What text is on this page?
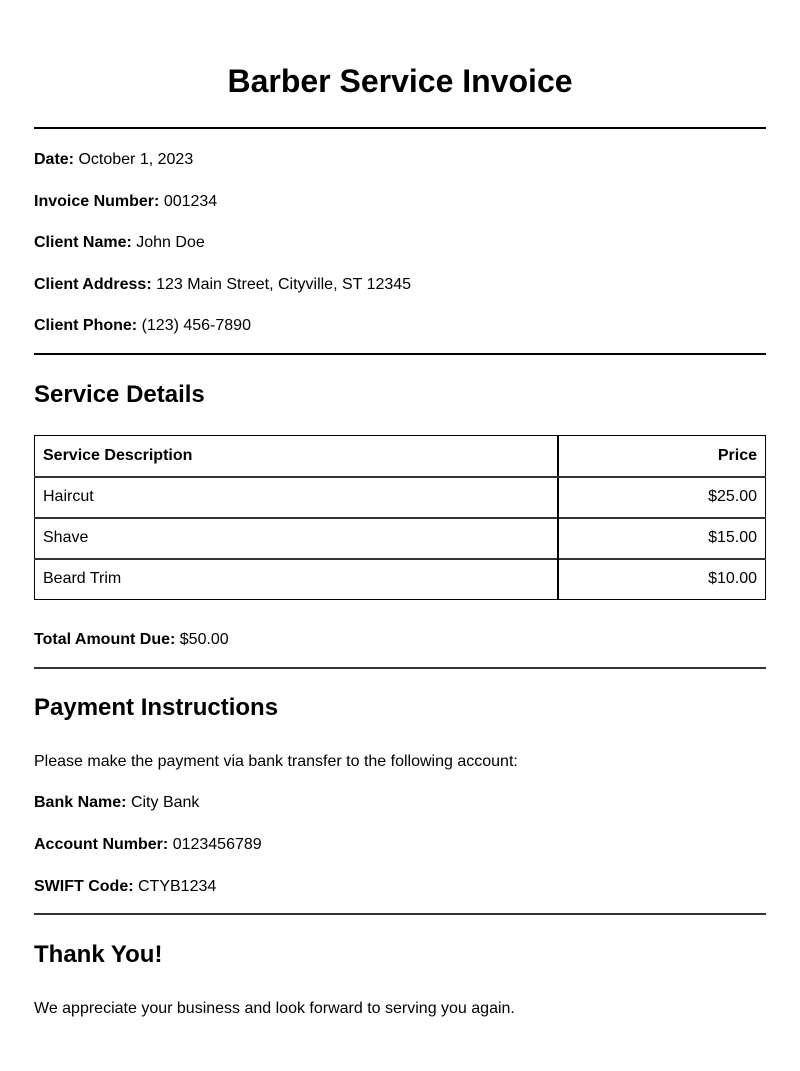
Barber Service Invoice
Date: October 1, 2023
Invoice Number: 001234
Client Name: John Doe
Client Address: 123 Main Street, Cityville, ST 12345
Client Phone: (123) 456-7890
Service Details
Service Description	Price
Haircut	$25.00
Shave	$15.00
Beard Trim	$10.00
Total Amount Due: $50.00
Payment Instructions
Please make the payment via bank transfer to the following account:
Bank Name: City Bank
Account Number: 0123456789
SWIFT Code: CTYB1234
Thank You!
We appreciate your business and look forward to serving you again.
